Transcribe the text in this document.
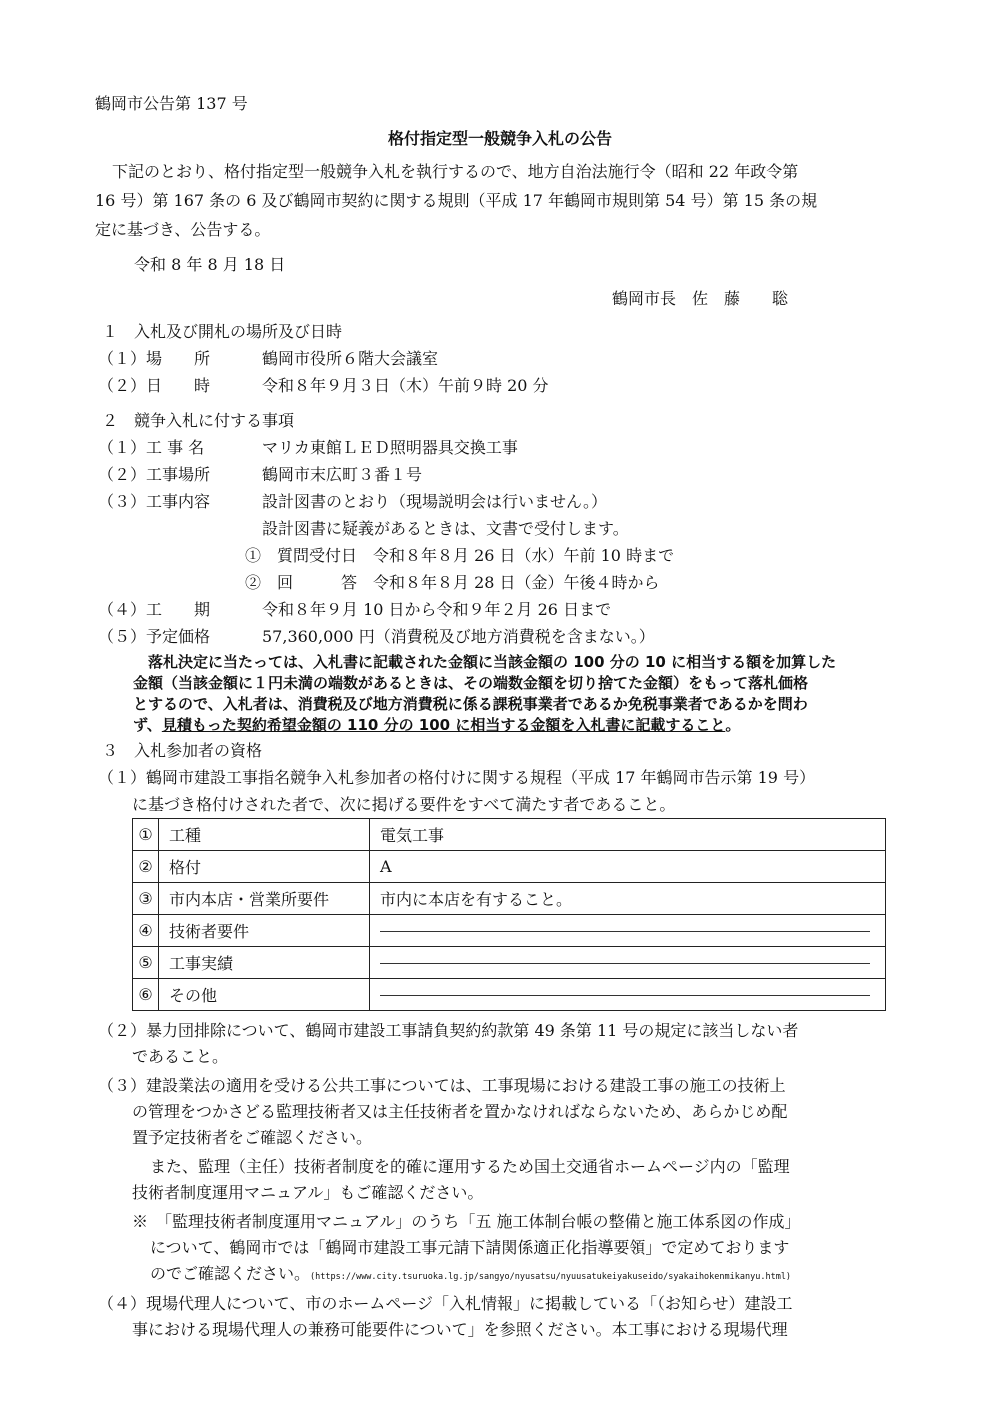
鶴岡市公告第 137 号
格付指定型一般競争入札の公告
下記のとおり、格付指定型一般競争入札を執行するので、地方自治法施行令（昭和 22 年政令第
16 号）第 167 条の 6 及び鶴岡市契約に関する規則（平成 17 年鶴岡市規則第 54 号）第 15 条の規
定に基づき、公告する。
令和 8 年 8 月 18 日
鶴岡市長　佐　藤　　聡
１　入札及び開札の場所及び日時
（１）場　　所	鶴岡市役所６階大会議室
（２）日　　時	令和８年９月３日（木）午前９時 20 分
２　競争入札に付する事項
（１）工 事 名	マリカ東館ＬＥＤ照明器具交換工事
（２）工事場所	鶴岡市末広町３番１号
（３）工事内容	設計図書のとおり（現場説明会は行いません。）
設計図書に疑義があるときは、文書で受付します。
①　質問受付日　令和８年８月 26 日（水）午前 10 時まで
②　回　　　答　令和８年８月 28 日（金）午後４時から
（４）工　　期	令和８年９月 10 日から令和９年２月 26 日まで
（５）予定価格	57,360,000 円（消費税及び地方消費税を含まない。）
落札決定に当たっては、入札書に記載された金額に当該金額の 100 分の 10 に相当する額を加算した
金額（当該金額に１円未満の端数があるときは、その端数金額を切り捨てた金額）をもって落札価格
とするので、入札者は、消費税及び地方消費税に係る課税事業者であるか免税事業者であるかを問わ
ず、見積もった契約希望金額の 110 分の 100 に相当する金額を入札書に記載すること。
３　入札参加者の資格
（１）鶴岡市建設工事指名競争入札参加者の格付けに関する規程（平成 17 年鶴岡市告示第 19 号）
に基づき格付けされた者で、次に掲げる要件をすべて満たす者であること。
①	工種	電気工事
②	格付	A
③	市内本店・営業所要件	市内に本店を有すること。
④	技術者要件	

⑤	工事実績	

⑥	その他	
（２）暴力団排除について、鶴岡市建設工事請負契約約款第 49 条第 11 号の規定に該当しない者
であること。
（３）建設業法の適用を受ける公共工事については、工事現場における建設工事の施工の技術上
の管理をつかさどる監理技術者又は主任技術者を置かなければならないため、あらかじめ配
置予定技術者をご確認ください。
また、監理（主任）技術者制度を的確に運用するため国土交通省ホームページ内の「監理
技術者制度運用マニュアル」もご確認ください。
※　「監理技術者制度運用マニュアル」のうち「五 施工体制台帳の整備と施工体系図の作成」
について、鶴岡市では「鶴岡市建設工事元請下請関係適正化指導要領」で定めております
のでご確認ください。(https://www.city.tsuruoka.lg.jp/sangyo/nyusatsu/nyuusatukeiyakuseido/syakaihokenmikanyu.html)
（４）現場代理人について、市のホームページ「入札情報」に掲載している「（お知らせ）建設工
事における現場代理人の兼務可能要件について」を参照ください。本工事における現場代理
